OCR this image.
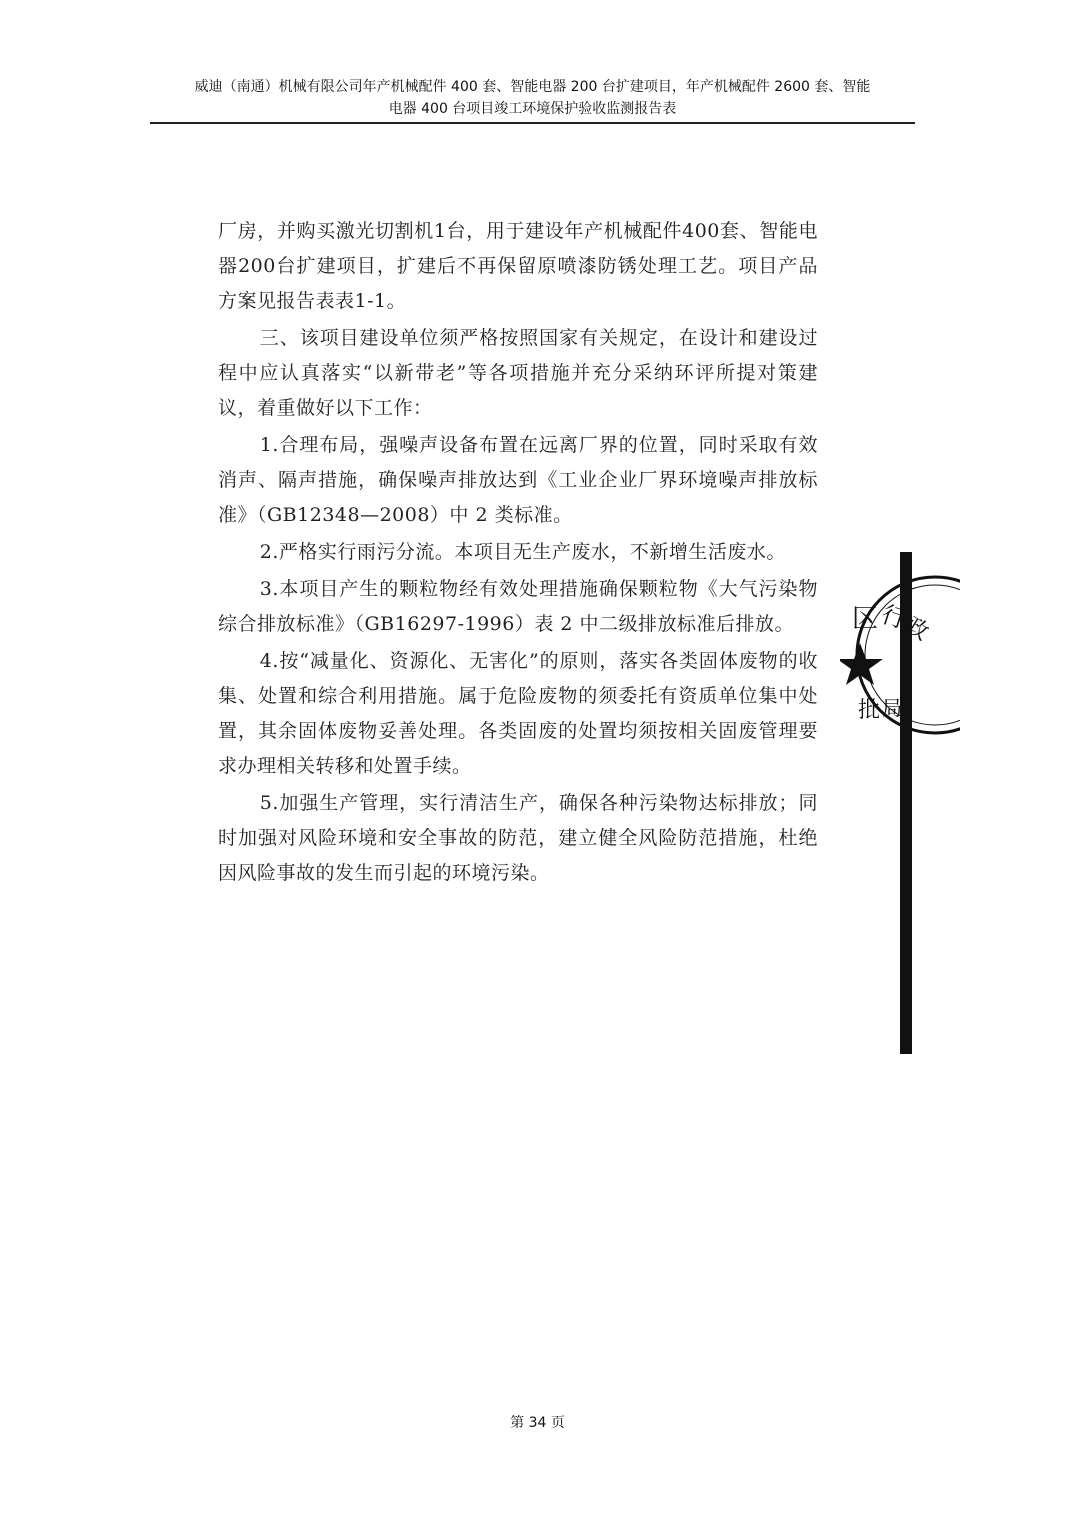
威迪（南通）机械有限公司年产机械配件 400 套、智能电器 200 台扩建项目，年产机械配件 2600 套、智能
电器 400 台项目竣工环境保护验收监测报告表

厂房，并购买激光切割机1台，用于建设年产机械配件400套、智能电器200台扩建项目，扩建后不再保留原喷漆防锈处理工艺。项目产品方案见报告表表1-1。

三、该项目建设单位须严格按照国家有关规定，在设计和建设过程中应认真落实“以新带老”等各项措施并充分采纳环评所提对策建议，着重做好以下工作：

1.合理布局，强噪声设备布置在远离厂界的位置，同时采取有效消声、隔声措施，确保噪声排放达到《工业企业厂界环境噪声排放标准》（GB12348—2008）中 2 类标准。

2.严格实行雨污分流。本项目无生产废水，不新增生活废水。

3.本项目产生的颗粒物经有效处理措施确保颗粒物《大气污染物综合排放标准》（GB16297-1996）表 2 中二级排放标准后排放。

4.按“减量化、资源化、无害化”的原则，落实各类固体废物的收集、处置和综合利用措施。属于危险废物的须委托有资质单位集中处置，其余固体废物妥善处理。各类固废的处置均须按相关固废管理要求办理相关转移和处置手续。

5.加强生产管理，实行清洁生产，确保各种污染物达标排放；同时加强对风险环境和安全事故的防范，建立健全风险防范措施，杜绝因风险事故的发生而引起的环境污染。

区 行
政
批 局
第 34 页
